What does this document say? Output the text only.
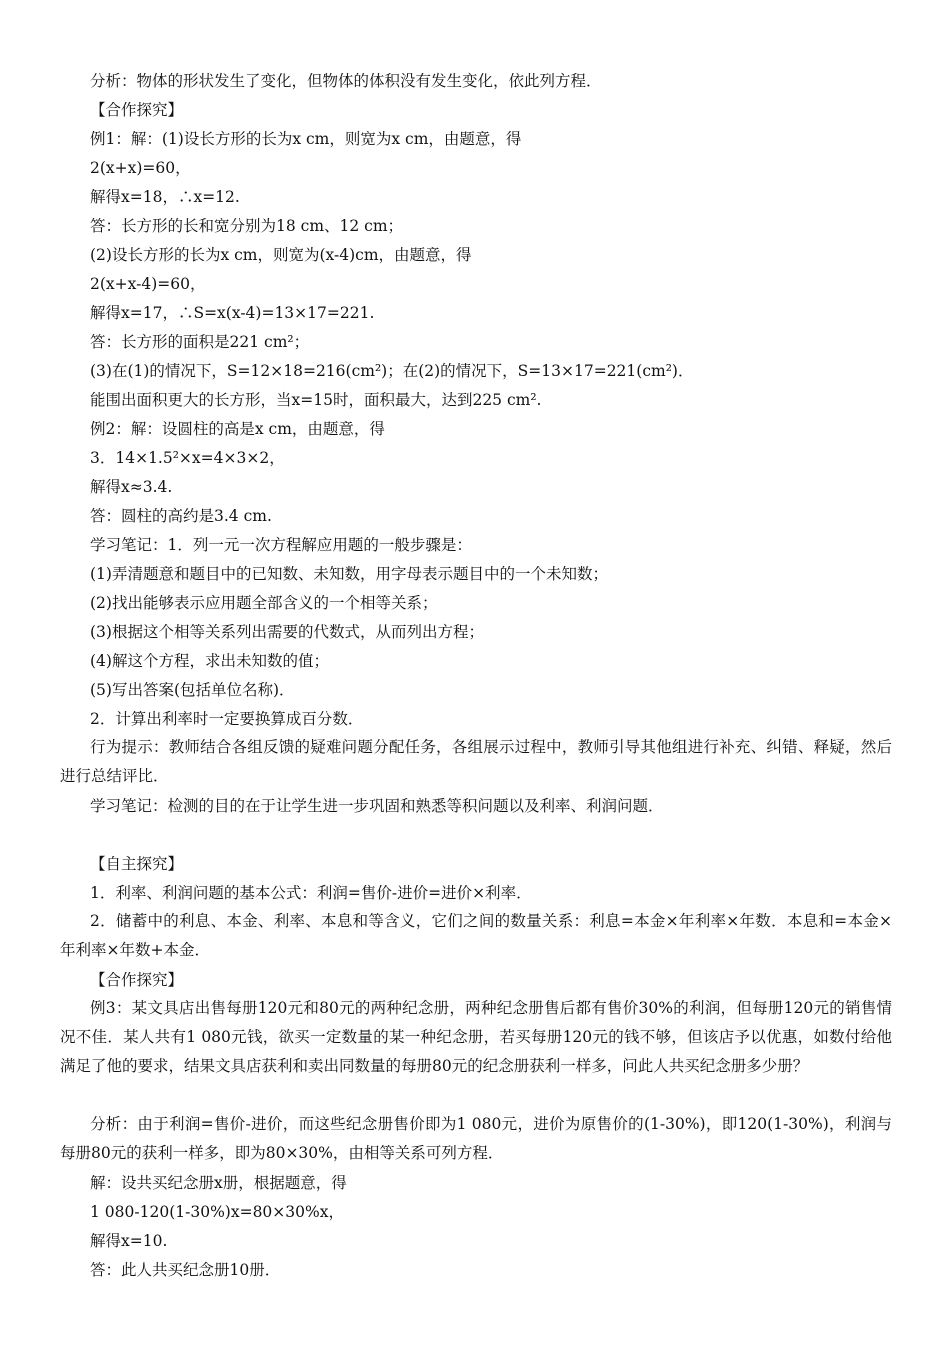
分析：物体的形状发生了变化，但物体的体积没有发生变化，依此列方程．
【合作探究】
例1：解：(1)设长方形的长为x cm，则宽为x cm，由题意，得
2(x+x)=60，
解得x=18，∴x=12.
答：长方形的长和宽分别为18 cm、12 cm；
(2)设长方形的长为x cm，则宽为(x-4)cm，由题意，得
2(x+x-4)=60，
解得x=17，∴S=x(x-4)=13×17=221.
答：长方形的面积是221 cm²；
(3)在(1)的情况下，S=12×18=216(cm²)；在(2)的情况下，S=13×17=221(cm²)．
能围出面积更大的长方形，当x=15时，面积最大，达到225 cm².
例2：解：设圆柱的高是x cm，由题意，得
3．14×1.5²×x=4×3×2，
解得x≈3.4.
答：圆柱的高约是3.4 cm.
学习笔记：1．列一元一次方程解应用题的一般步骤是：
(1)弄清题意和题目中的已知数、未知数，用字母表示题目中的一个未知数；
(2)找出能够表示应用题全部含义的一个相等关系；
(3)根据这个相等关系列出需要的代数式，从而列出方程；
(4)解这个方程，求出未知数的值；
(5)写出答案(包括单位名称)．
2．计算出利率时一定要换算成百分数．
行为提示：教师结合各组反馈的疑难问题分配任务，各组展示过程中，教师引导其他组进行补充、纠错、释疑，然后进行总结评比．
学习笔记：检测的目的在于让学生进一步巩固和熟悉等积问题以及利率、利润问题．
【自主探究】
1．利率、利润问题的基本公式：利润=售价-进价=进价×利率．
2．储蓄中的利息、本金、利率、本息和等含义，它们之间的数量关系：利息=本金×年利率×年数．本息和=本金×年利率×年数+本金．
【合作探究】
例3：某文具店出售每册120元和80元的两种纪念册，两种纪念册售后都有售价30%的利润，但每册120元的销售情况不佳．某人共有1 080元钱，欲买一定数量的某一种纪念册，若买每册120元的钱不够，但该店予以优惠，如数付给他满足了他的要求，结果文具店获利和卖出同数量的每册80元的纪念册获利一样多，问此人共买纪念册多少册？
分析：由于利润=售价-进价，而这些纪念册售价即为1 080元，进价为原售价的(1-30%)，即120(1-30%)，利润与每册80元的获利一样多，即为80×30%，由相等关系可列方程．
解：设共买纪念册x册，根据题意，得
1 080-120(1-30%)x=80×30%x，
解得x=10.
答：此人共买纪念册10册．
